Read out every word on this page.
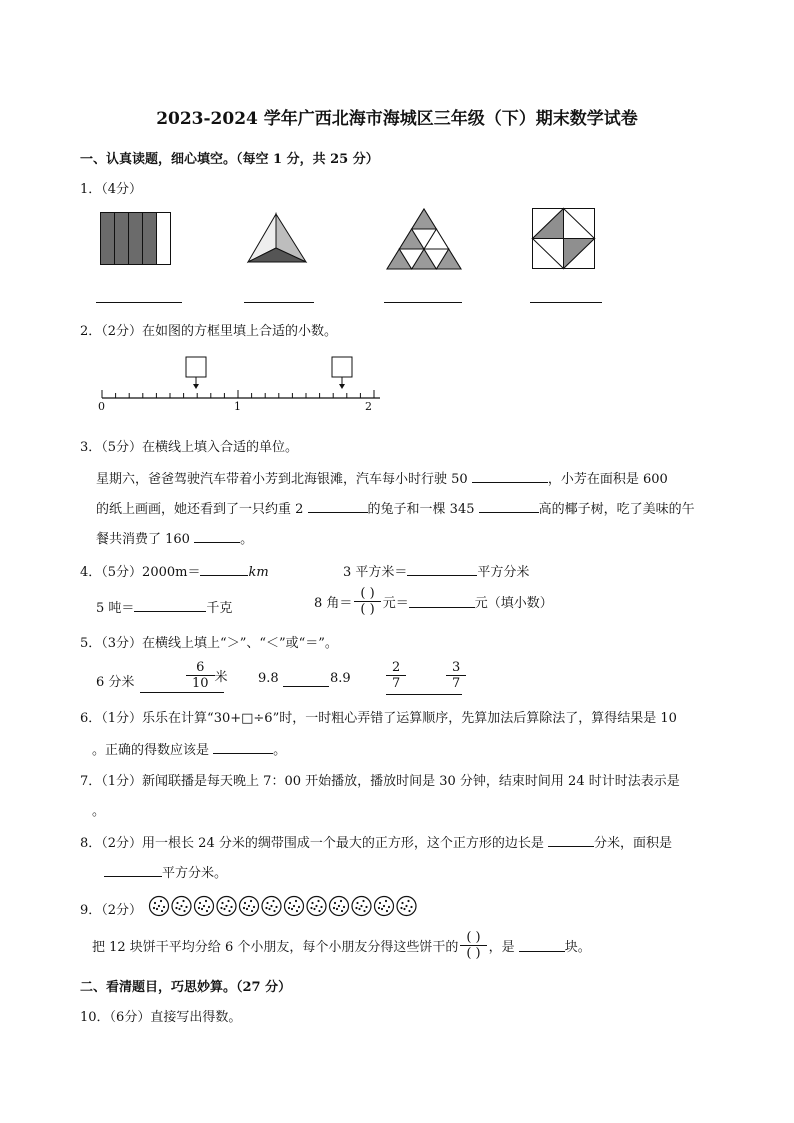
2023-2024 学年广西北海市海城区三年级（下）期末数学试卷
一、认真读题，细心填空。（每空 1 分，共 25 分）
1．（4分）
2．（2分）在如图的方框里填上合适的小数。
0	1	2
3．（5分）在横线上填入合适的单位。
星期六，爸爸驾驶汽车带着小芳到北海银滩，汽车每小时行驶 50	，小芳在面积是 600
的纸上画画，她还看到了一只约重 2	的兔子和一棵 345	高的椰子树，吃了美味的午
餐共消费了 160	。
4．（5分）2000m＝	km	3 平方米＝	平方分米
5 吨＝	千克	8 角＝ $\frac{( )}{( )}$ 元＝	元（填小数）
5．（3分）在横线上填上“＞”、“＜”或“＝”。
6 分米	$\frac{6}{10}$ 米 9.8	8.9	$\frac{2}{7}$	$\frac{3}{7}$
6．（1分）乐乐在计算“30+□÷6”时，一时粗心弄错了运算顺序，先算加法后算除法了，算得结果是 10
。正确的得数应该是	。
7．（1分）新闻联播是每天晚上 7：00 开始播放，播放时间是 30 分钟，结束时间用 24 时计时法表示是
。
8．（2分）用一根长 24 分米的绸带围成一个最大的正方形，这个正方形的边长是	分米，面积是
平方分米。
9．（2分）
把 12 块饼干平均分给 6 个小朋友，每个小朋友分得这些饼干的 $\frac{( )}{( )}$ ，是	块。
二、看清题目，巧思妙算。（27 分）
10．（6分）直接写出得数。
